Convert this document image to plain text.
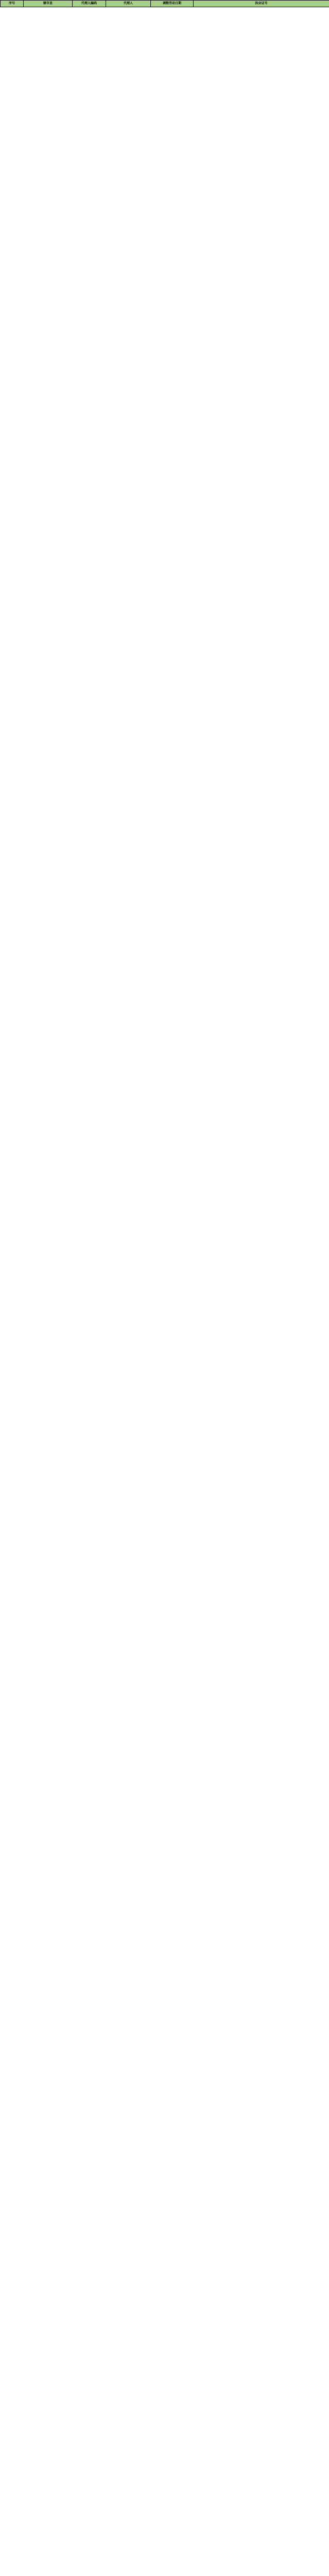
序号	辖市县	代理人编码	代理人	调整劳动日期	执业证号
